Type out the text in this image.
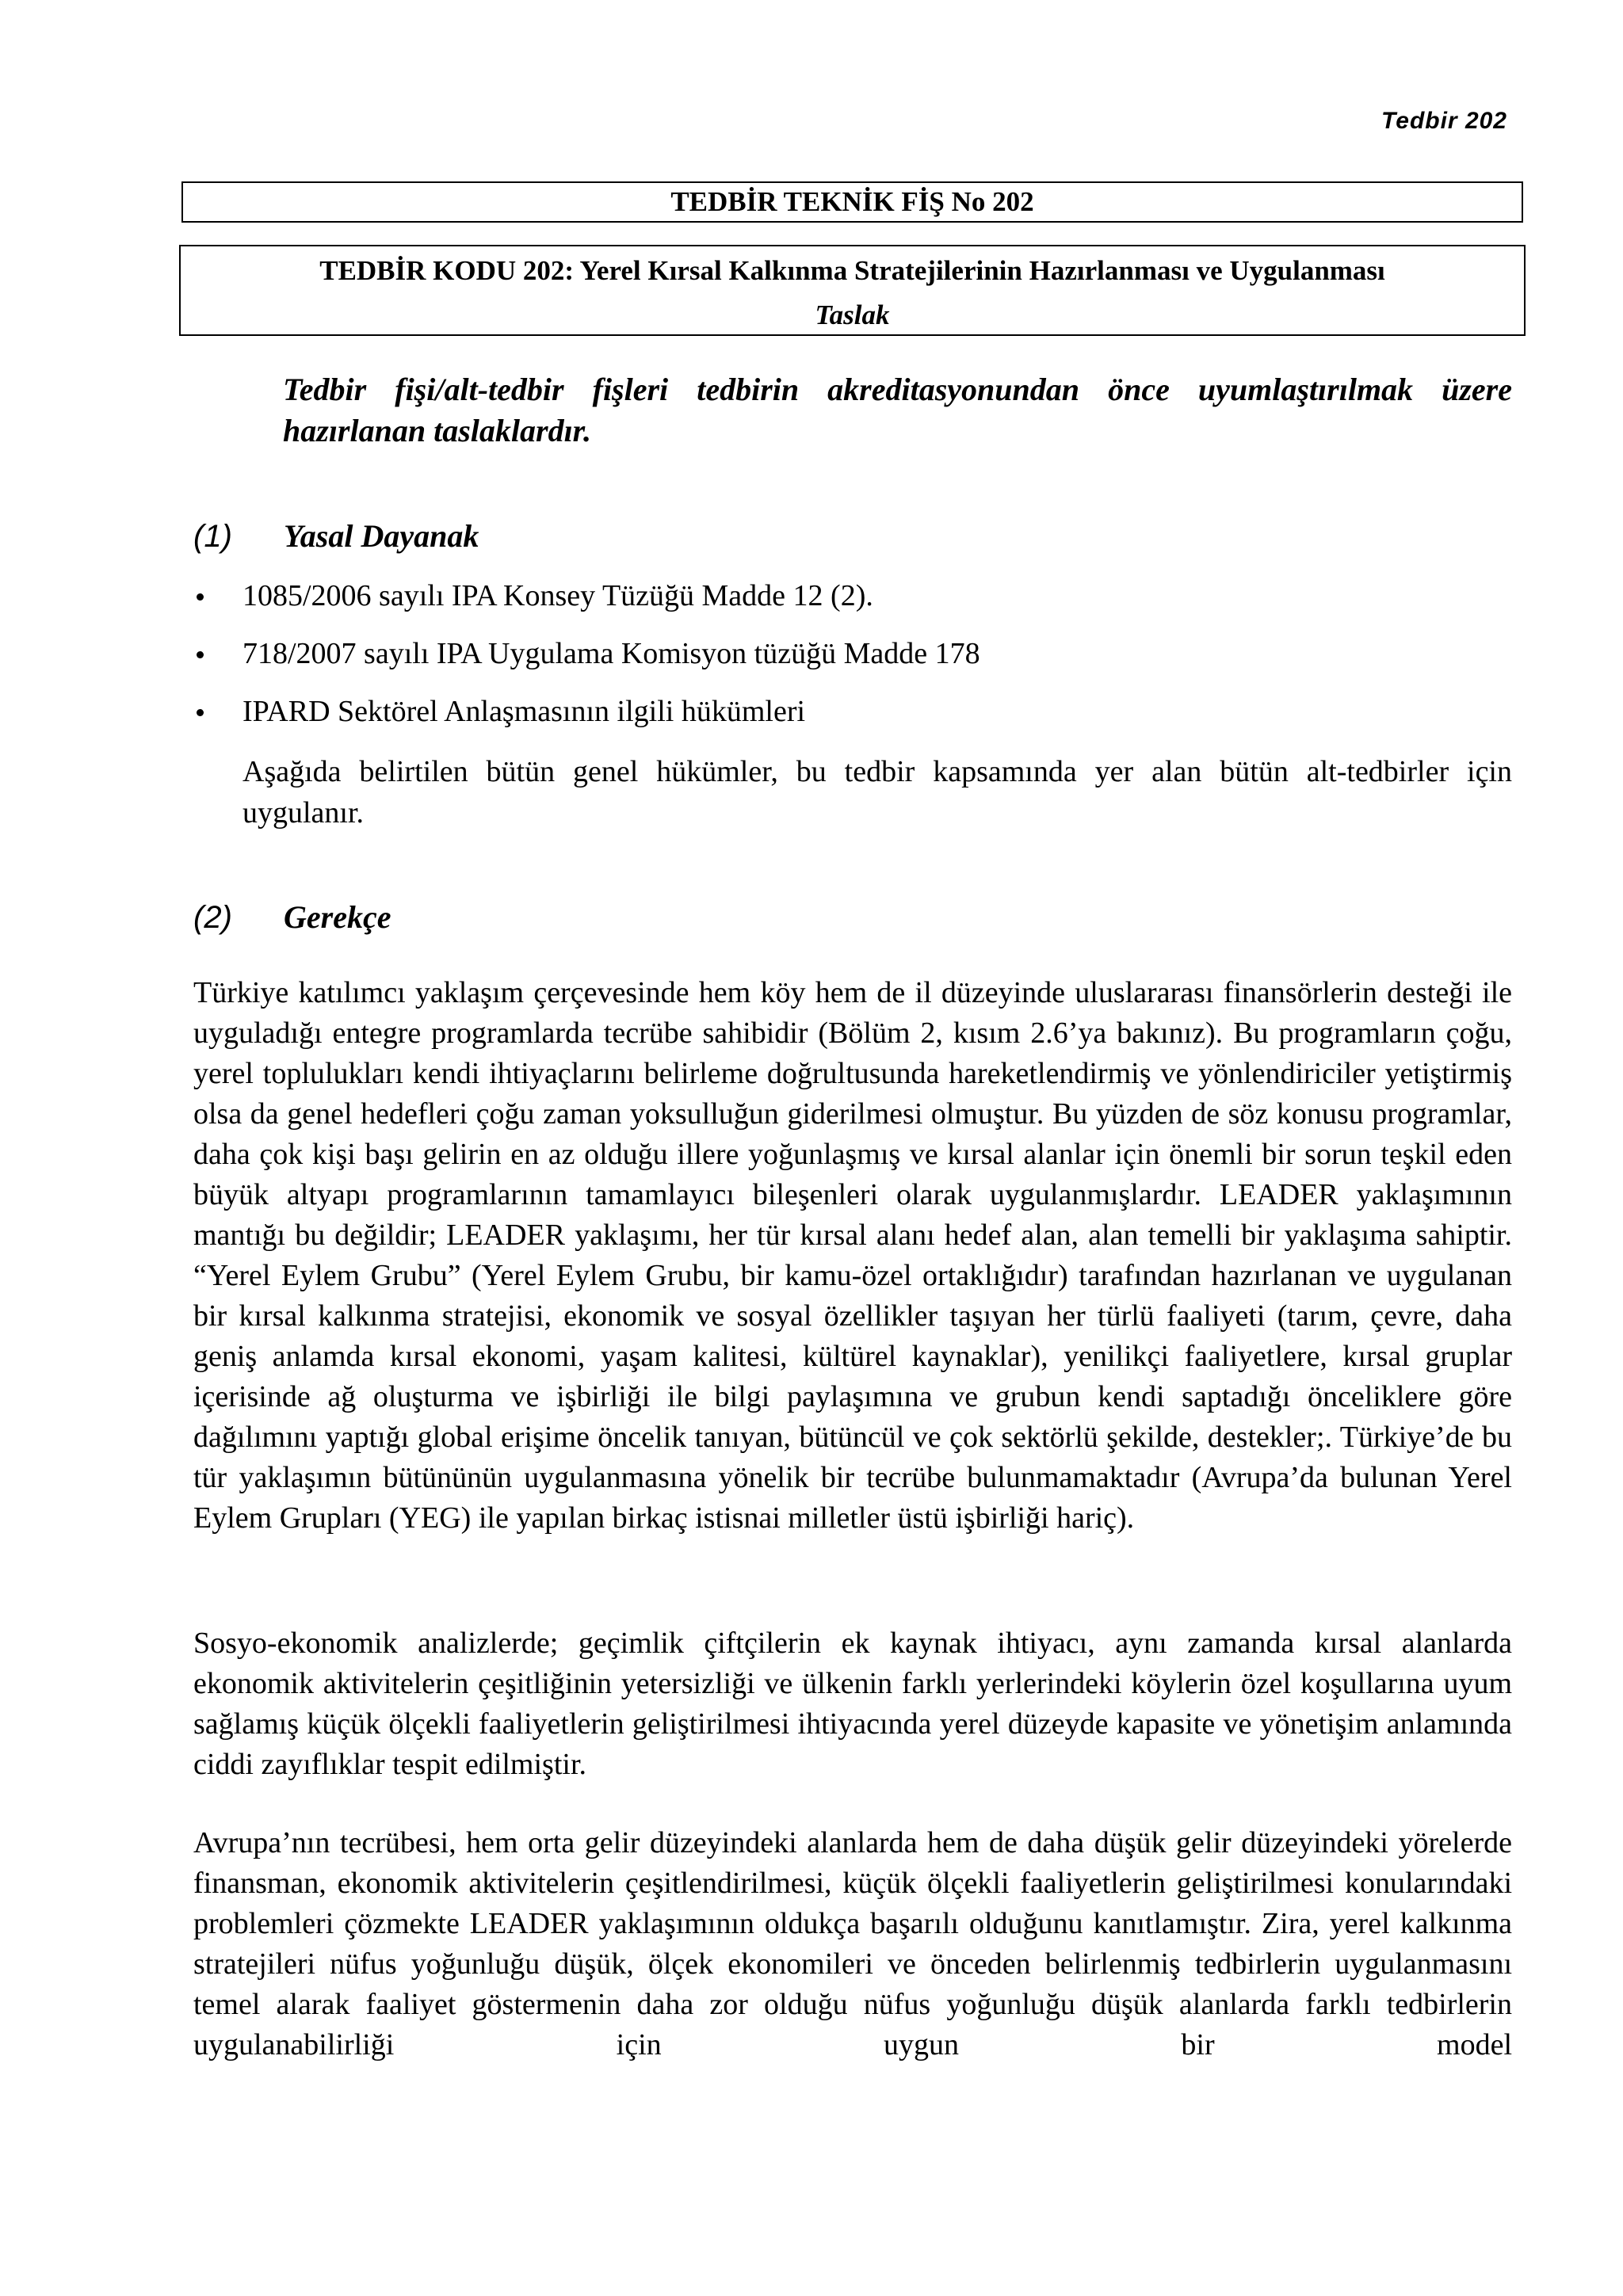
Tedbir 202
TEDBİR TEKNİK FİŞ No 202
TEDBİR KODU 202: Yerel Kırsal Kalkınma Stratejilerinin Hazırlanması ve Uygulanması
Taslak
Tedbir fişi/alt-tedbir fişleri tedbirin akreditasyonundan önce uyumlaştırılmak üzere hazırlanan taslaklardır.
(1) Yasal Dayanak
1085/2006 sayılı IPA Konsey Tüzüğü Madde 12 (2).
718/2007 sayılı IPA Uygulama Komisyon tüzüğü Madde 178
IPARD Sektörel Anlaşmasının ilgili hükümleri
Aşağıda belirtilen bütün genel hükümler, bu tedbir kapsamında yer alan bütün alt-tedbirler için uygulanır.
(2) Gerekçe

Türkiye katılımcı yaklaşım çerçevesinde hem köy hem de il düzeyinde uluslararası finansörlerin desteği ile uyguladığı entegre programlarda tecrübe sahibidir (Bölüm 2, kısım 2.6’ya bakınız). Bu programların çoğu, yerel toplulukları kendi ihtiyaçlarını belirleme doğrultusunda hareketlendirmiş ve yönlendiriciler yetiştirmiş olsa da genel hedefleri çoğu zaman yoksulluğun giderilmesi olmuştur. Bu yüzden de söz konusu programlar, daha çok kişi başı gelirin en az olduğu illere yoğunlaşmış ve kırsal alanlar için önemli bir sorun teşkil eden büyük altyapı programlarının tamamlayıcı bileşenleri olarak uygulanmışlardır. LEADER yaklaşımının mantığı bu değildir; LEADER yaklaşımı, her tür kırsal alanı hedef alan, alan temelli bir yaklaşıma sahiptir. “Yerel Eylem Grubu” (Yerel Eylem Grubu, bir kamu-özel ortaklığıdır) tarafından hazırlanan ve uygulanan bir kırsal kalkınma stratejisi, ekonomik ve sosyal özellikler taşıyan her türlü faaliyeti (tarım, çevre, daha geniş anlamda kırsal ekonomi, yaşam kalitesi, kültürel kaynaklar), yenilikçi faaliyetlere, kırsal gruplar içerisinde ağ oluşturma ve işbirliği ile bilgi paylaşımına ve grubun kendi saptadığı önceliklere göre dağılımını yaptığı global erişime öncelik tanıyan, bütüncül ve çok sektörlü şekilde, destekler;. Türkiye’de bu tür yaklaşımın bütününün uygulanmasına yönelik bir tecrübe bulunmamaktadır (Avrupa’da bulunan Yerel Eylem Grupları (YEG) ile yapılan birkaç istisnai milletler üstü işbirliği hariç).

Sosyo-ekonomik analizlerde; geçimlik çiftçilerin ek kaynak ihtiyacı, aynı zamanda kırsal alanlarda ekonomik aktivitelerin çeşitliğinin yetersizliği ve ülkenin farklı yerlerindeki köylerin özel koşullarına uyum sağlamış küçük ölçekli faaliyetlerin geliştirilmesi ihtiyacında yerel düzeyde kapasite ve yönetişim anlamında ciddi zayıflıklar tespit edilmiştir.

Avrupa’nın tecrübesi, hem orta gelir düzeyindeki alanlarda hem de daha düşük gelir düzeyindeki yörelerde finansman, ekonomik aktivitelerin çeşitlendirilmesi, küçük ölçekli faaliyetlerin geliştirilmesi konularındaki problemleri çözmekte LEADER yaklaşımının oldukça başarılı olduğunu kanıtlamıştır. Zira, yerel kalkınma stratejileri nüfus yoğunluğu düşük, ölçek ekonomileri ve önceden belirlenmiş tedbirlerin uygulanmasını temel alarak faaliyet göstermenin daha zor olduğu nüfus yoğunluğu düşük alanlarda farklı tedbirlerin uygulanabilirliği için uygun bir model
